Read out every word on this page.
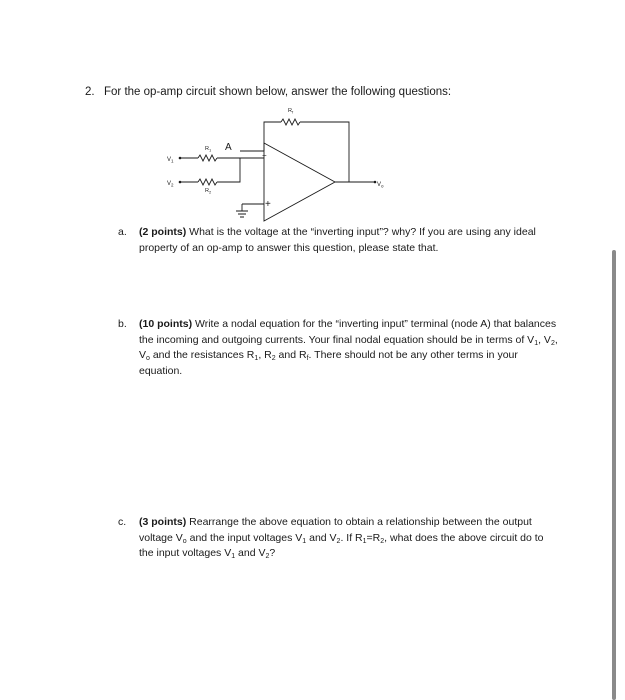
2. For the op-amp circuit shown below, answer the following questions:
$R_f$
$R_1$ A
$V_1$
$V_2$
$R_2$
$V_o$
−
+
a. (2 points) What is the voltage at the “inverting input”? why? If you are using any ideal property of an op-amp to answer this question, please state that.
b. (10 points) Write a nodal equation for the “inverting input” terminal (node A) that balances the incoming and outgoing currents. Your final nodal equation should be in terms of $V_1$, $V_2$, $V_o$ and the resistances $R_1$, $R_2$ and $R_f$. There should not be any other terms in your equation.
c. (3 points) Rearrange the above equation to obtain a relationship between the output voltage $V_o$ and the input voltages $V_1$ and $V_2$. If $R_1=R_2$, what does the above circuit do to the input voltages $V_1$ and $V_2$?
